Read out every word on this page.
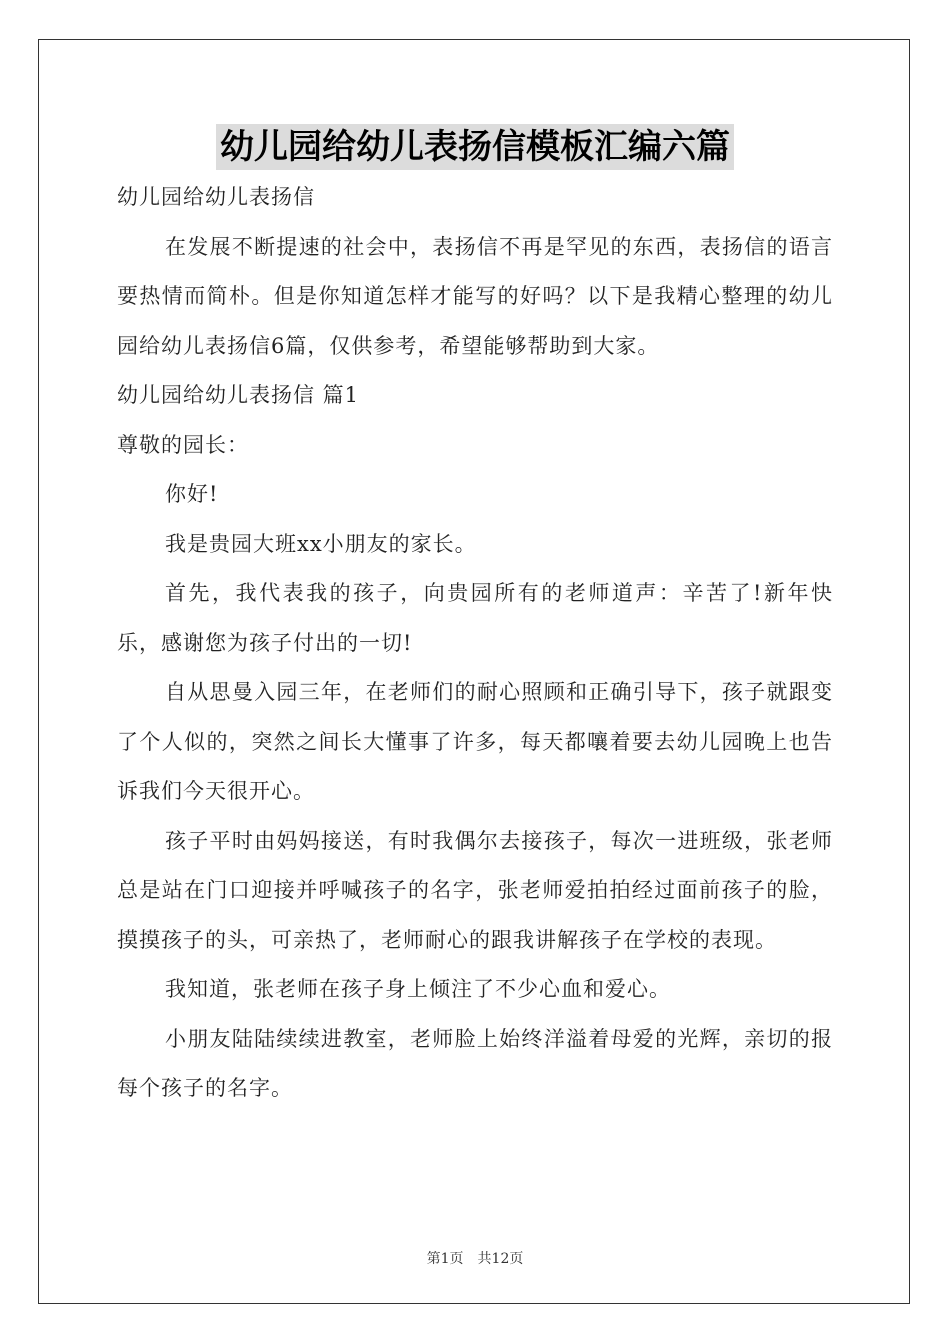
幼儿园给幼儿表扬信模板汇编六篇

幼儿园给幼儿表扬信

在发展不断提速的社会中，表扬信不再是罕见的东西，表扬信的语言要热情而简朴。但是你知道怎样才能写的好吗？以下是我精心整理的幼儿园给幼儿表扬信6篇，仅供参考，希望能够帮助到大家。

幼儿园给幼儿表扬信 篇1

尊敬的园长：

你好!

我是贵园大班xx小朋友的家长。

首先，我代表我的孩子，向贵园所有的老师道声：辛苦了!新年快乐，感谢您为孩子付出的一切!

自从思曼入园三年，在老师们的耐心照顾和正确引导下，孩子就跟变了个人似的，突然之间长大懂事了许多，每天都嚷着要去幼儿园晚上也告诉我们今天很开心。

孩子平时由妈妈接送，有时我偶尔去接孩子，每次一进班级，张老师总是站在门口迎接并呼喊孩子的名字，张老师爱拍拍经过面前孩子的脸，摸摸孩子的头，可亲热了，老师耐心的跟我讲解孩子在学校的表现。

我知道，张老师在孩子身上倾注了不少心血和爱心。

小朋友陆陆续续进教室，老师脸上始终洋溢着母爱的光辉，亲切的报每个孩子的名字。

第1页 共12页
